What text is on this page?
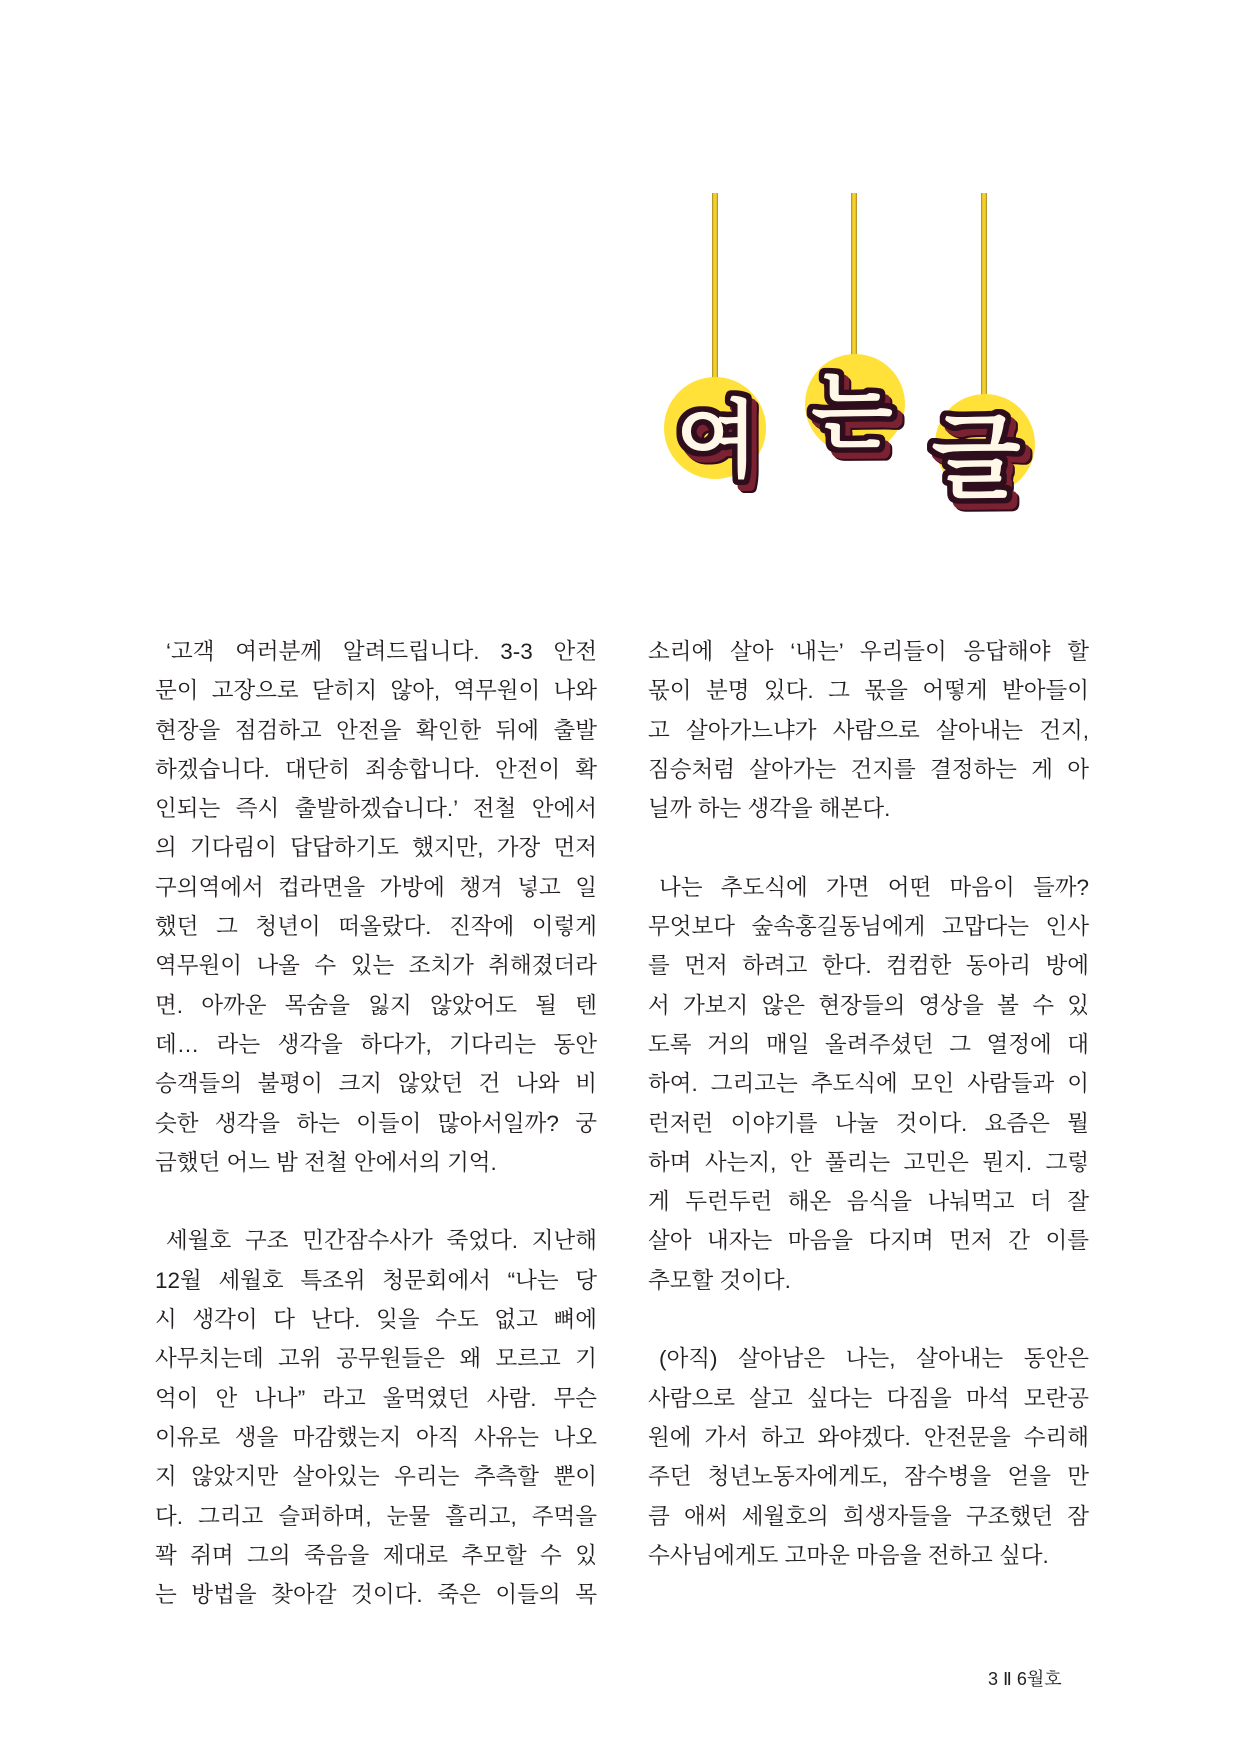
여 는 글
‘고객 여러분께 알려드립니다. 3-3 안전
문이 고장으로 닫히지 않아, 역무원이 나와
현장을 점검하고 안전을 확인한 뒤에 출발
하겠습니다. 대단히 죄송합니다. 안전이 확
인되는 즉시 출발하겠습니다.’ 전철 안에서
의 기다림이 답답하기도 했지만, 가장 먼저
구의역에서 컵라면을 가방에 챙겨 넣고 일
했던 그 청년이 떠올랐다. 진작에 이렇게
역무원이 나올 수 있는 조치가 취해졌더라
면. 아까운 목숨을 잃지 않았어도 될 텐
데… 라는 생각을 하다가, 기다리는 동안
승객들의 불평이 크지 않았던 건 나와 비
슷한 생각을 하는 이들이 많아서일까? 궁
금했던 어느 밤 전철 안에서의 기억.
세월호 구조 민간잠수사가 죽었다. 지난해
12월 세월호 특조위 청문회에서 “나는 당
시 생각이 다 난다. 잊을 수도 없고 뼈에
사무치는데 고위 공무원들은 왜 모르고 기
억이 안 나나” 라고 울먹였던 사람. 무슨
이유로 생을 마감했는지 아직 사유는 나오
지 않았지만 살아있는 우리는 추측할 뿐이
다. 그리고 슬퍼하며, 눈물 흘리고, 주먹을
꽉 쥐며 그의 죽음을 제대로 추모할 수 있
는 방법을 찾아갈 것이다. 죽은 이들의 목
소리에 살아 ‘내는’ 우리들이 응답해야 할
몫이 분명 있다. 그 몫을 어떻게 받아들이
고 살아가느냐가 사람으로 살아내는 건지,
짐승처럼 살아가는 건지를 결정하는 게 아
닐까 하는 생각을 해본다.
나는 추도식에 가면 어떤 마음이 들까?
무엇보다 숲속홍길동님에게 고맙다는 인사
를 먼저 하려고 한다. 컴컴한 동아리 방에
서 가보지 않은 현장들의 영상을 볼 수 있
도록 거의 매일 올려주셨던 그 열정에 대
하여. 그리고는 추도식에 모인 사람들과 이
런저런 이야기를 나눌 것이다. 요즘은 뭘
하며 사는지, 안 풀리는 고민은 뭔지. 그렇
게 두런두런 해온 음식을 나눠먹고 더 잘
살아 내자는 마음을 다지며 먼저 간 이를
추모할 것이다.
(아직) 살아남은 나는, 살아내는 동안은
사람으로 살고 싶다는 다짐을 마석 모란공
원에 가서 하고 와야겠다. 안전문을 수리해
주던 청년노동자에게도, 잠수병을 얻을 만
큼 애써 세월호의 희생자들을 구조했던 잠
수사님에게도 고마운 마음을 전하고 싶다.
3 Ⅱ 6월호
